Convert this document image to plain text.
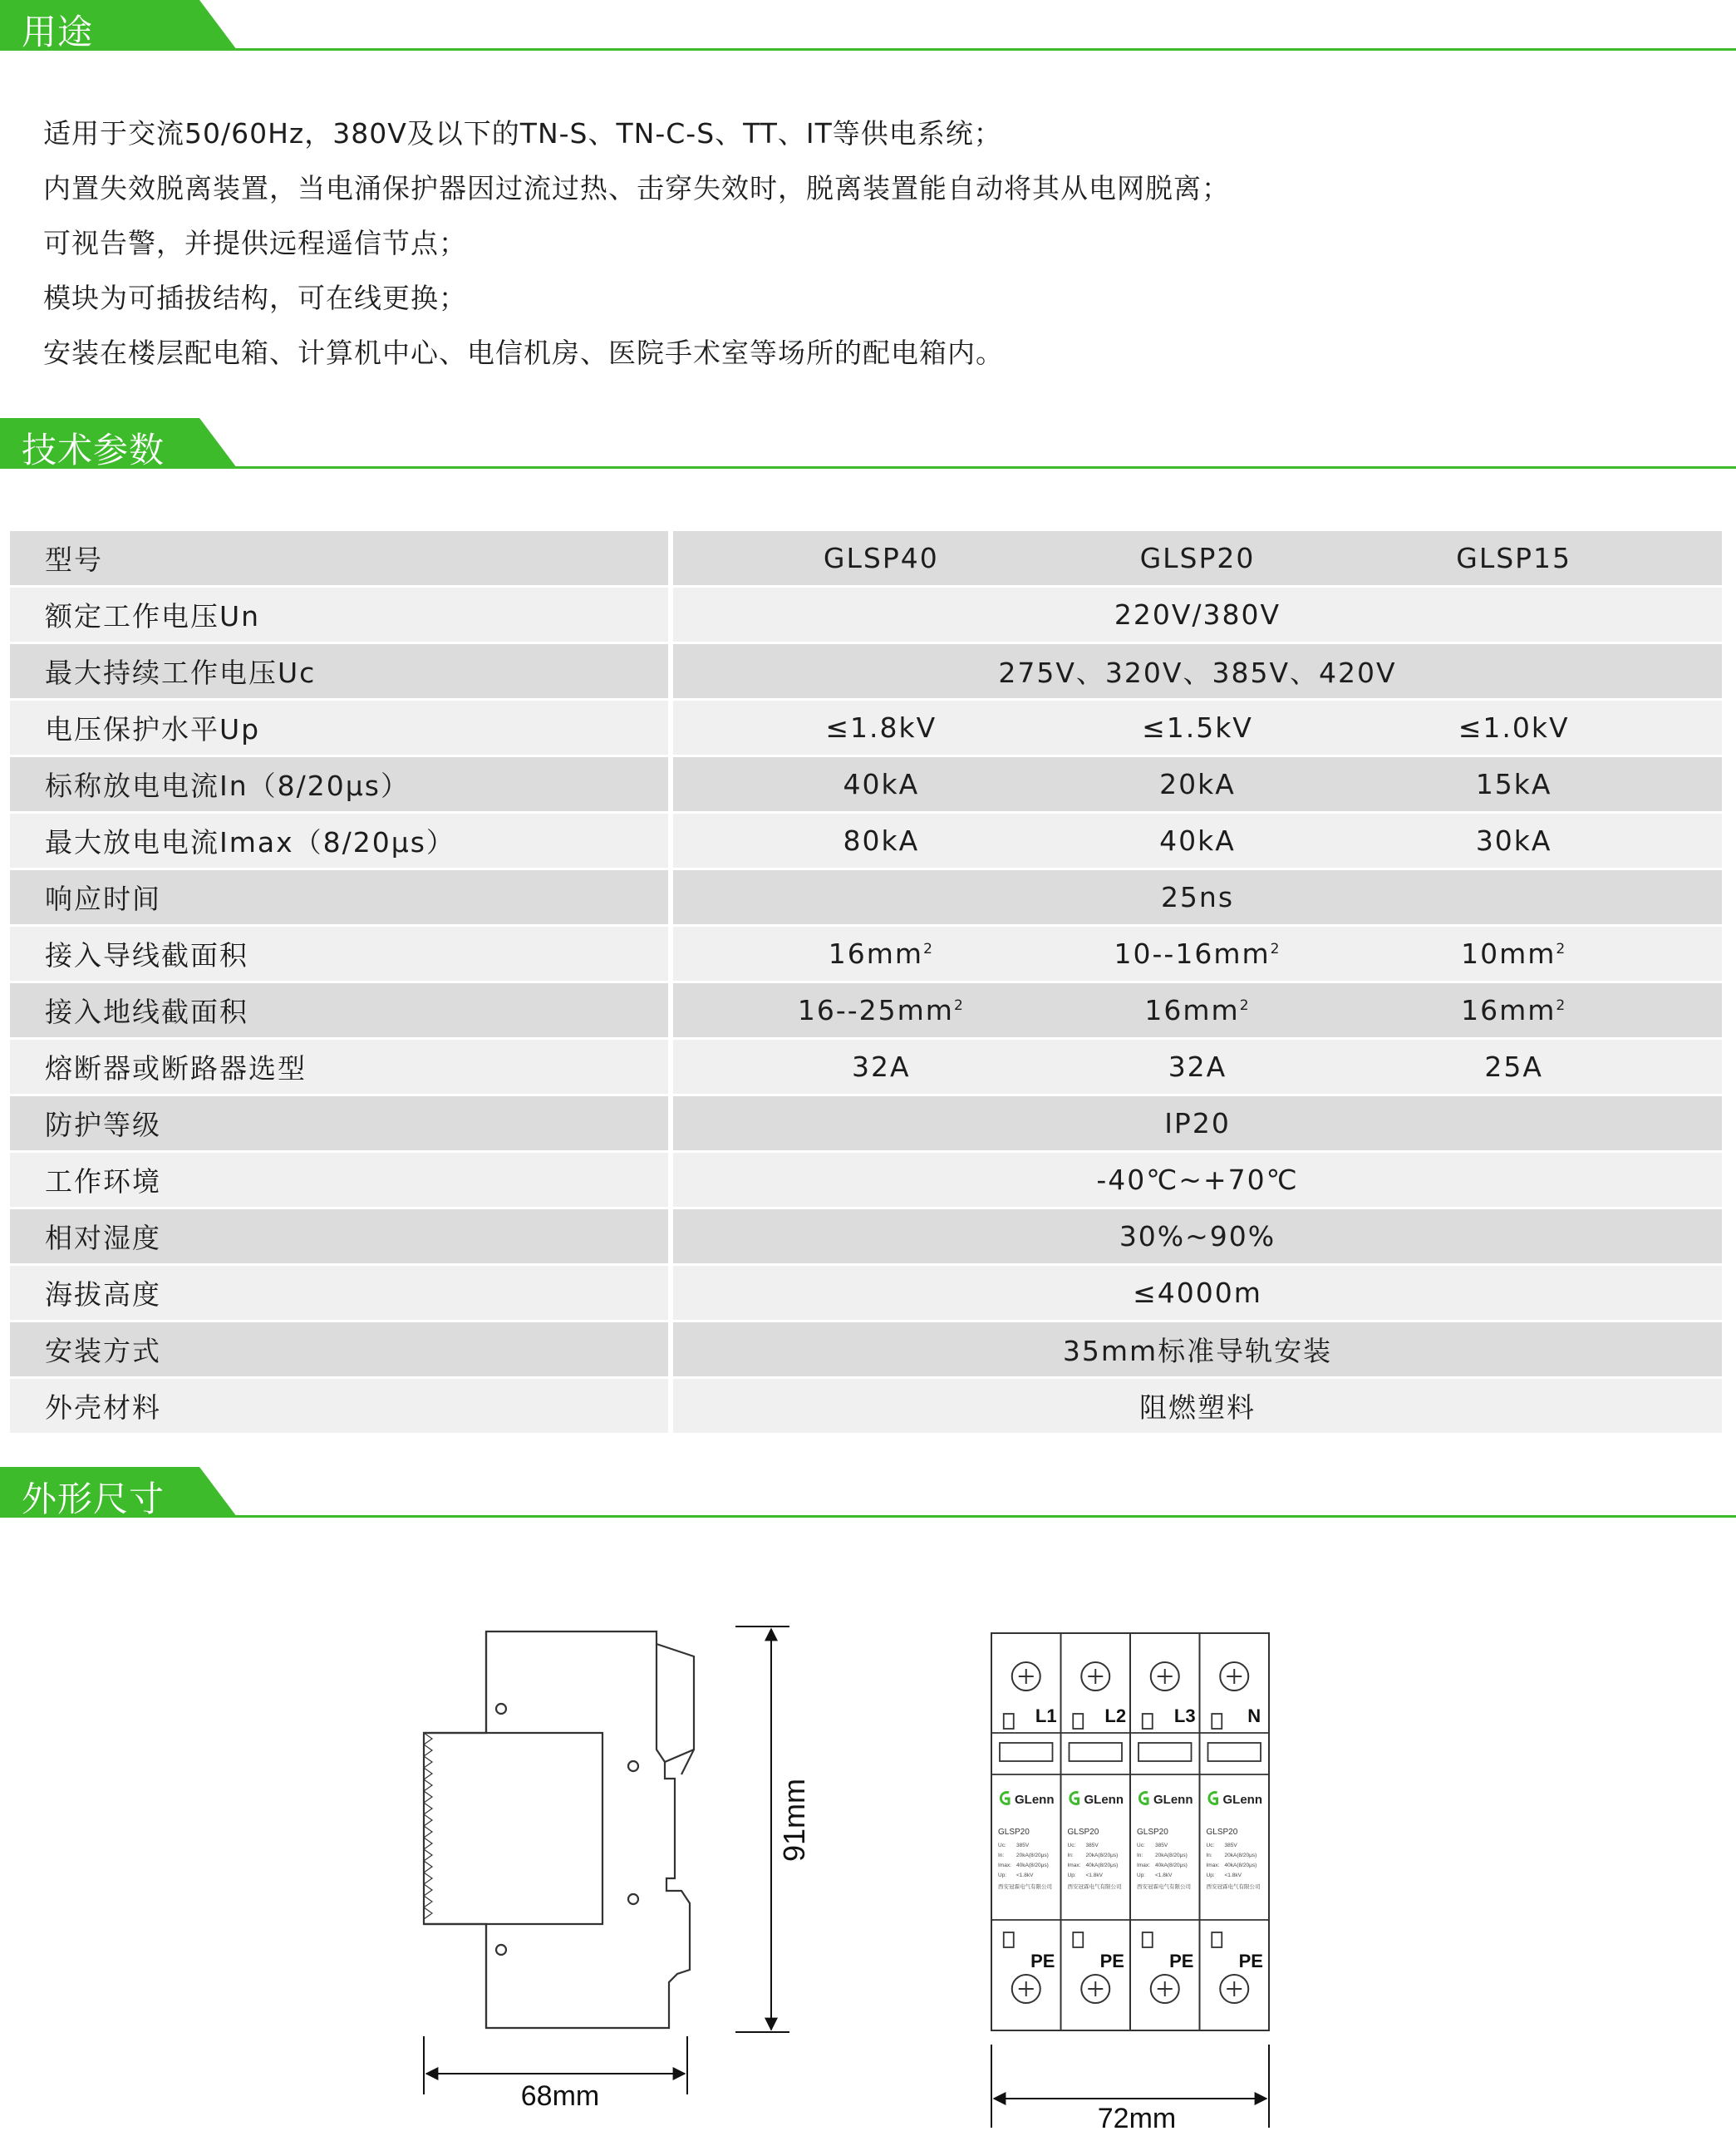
用途
适用于交流50/60Hz，380V及以下的TN-S、TN-C-S、TT、IT等供电系统；
内置失效脱离装置，当电涌保护器因过流过热、击穿失效时，脱离装置能自动将其从电网脱离；
可视告警，并提供远程遥信节点；
模块为可插拔结构，可在线更换；
安装在楼层配电箱、计算机中心、电信机房、医院手术室等场所的配电箱内。
技术参数
型号	GLSP40	GLSP20	GLSP15
额定工作电压Un	220V/380V		
最大持续工作电压Uc	275V、320V、385V、420V		
电压保护水平Up	≤1.8kV	≤1.5kV	≤1.0kV
标称放电电流In（8/20μs）	40kA	20kA	15kA
最大放电电流Imax（8/20μs）	80kA	40kA	30kA
响应时间	25ns		
接入导线截面积	$16mm^2$	$10--16mm^2$	$10mm^2$
接入地线截面积	$16--25mm^2$	$16mm^2$	$16mm^2$
熔断器或断路器选型	32A	32A	25A
防护等级	IP20		
工作环境	-40℃~+70℃		
相对湿度	30%~90%		
海拔高度	≤4000m		
安装方式	35mm标准导轨安装		
外壳材料	阻燃塑料		
外形尺寸
91mm
68mm
L1
GLenn
GLSP20
Uc: 385V
In: 20kA(8/20μs)
Imax: 40kA(8/20μs)
Up: <1.8kV
西安冠霖电气有限公司
PE
L2
GLenn
GLSP20
Uc: 385V
In: 20kA(8/20μs)
Imax: 40kA(8/20μs)
Up: <1.8kV
西安冠霖电气有限公司
PE
L3
GLenn
GLSP20
Uc: 385V
In: 20kA(8/20μs)
Imax: 40kA(8/20μs)
Up: <1.8kV
西安冠霖电气有限公司
PE
N
GLenn
GLSP20
Uc: 385V
In: 20kA(8/20μs)
Imax: 40kA(8/20μs)
Up: <1.8kV
西安冠霖电气有限公司
PE
72mm
